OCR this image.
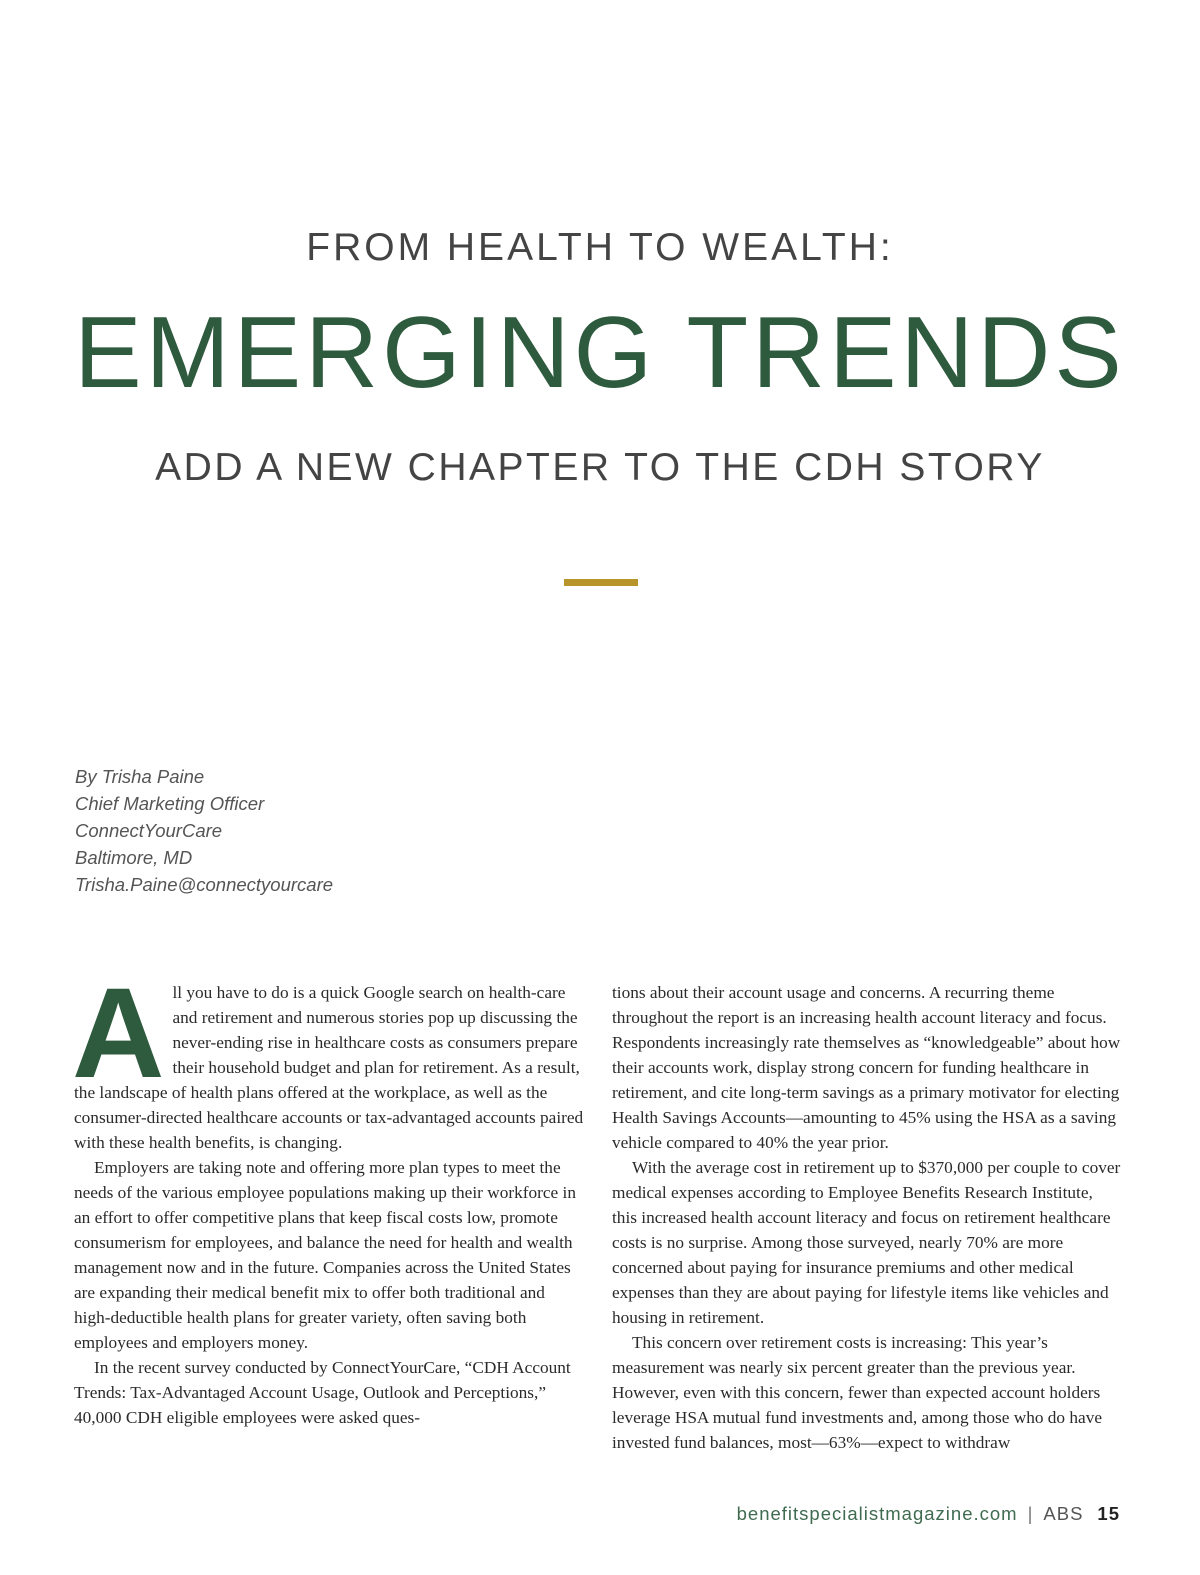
FROM HEALTH TO WEALTH:
EMERGING TRENDS
ADD A NEW CHAPTER TO THE CDH STORY
By Trisha Paine
Chief Marketing Officer
ConnectYourCare
Baltimore, MD
Trisha.Paine@connectyourcare

All you have to do is a quick Google search on health-care and retirement and numerous stories pop up discussing the never-ending rise in healthcare costs as consumers prepare their household budget and plan for retirement. As a result, the landscape of health plans offered at the workplace, as well as the consumer-directed healthcare accounts or tax-advantaged accounts paired with these health benefits, is changing.

Employers are taking note and offering more plan types to meet the needs of the various employee populations making up their workforce in an effort to offer competitive plans that keep fiscal costs low, promote consumerism for employees, and balance the need for health and wealth management now and in the future. Companies across the United States are expanding their medical benefit mix to offer both traditional and high-deductible health plans for greater variety, often saving both employees and employers money.

In the recent survey conducted by ConnectYourCare, “CDH Account Trends: Tax-Advantaged Account Usage, Outlook and Perceptions,” 40,000 CDH eligible employees were asked ques-

tions about their account usage and concerns. A recurring theme throughout the report is an increasing health account literacy and focus. Respondents increasingly rate themselves as “knowledgeable” about how their accounts work, display strong concern for funding healthcare in retirement, and cite long-term savings as a primary motivator for electing Health Savings Accounts—amounting to 45% using the HSA as a saving vehicle compared to 40% the year prior.

With the average cost in retirement up to $370,000 per couple to cover medical expenses according to Employee Benefits Research Institute, this increased health account literacy and focus on retirement healthcare costs is no surprise. Among those surveyed, nearly 70% are more concerned about paying for insurance premiums and other medical expenses than they are about paying for lifestyle items like vehicles and housing in retirement.

This concern over retirement costs is increasing: This year’s measurement was nearly six percent greater than the previous year. However, even with this concern, fewer than expected account holders leverage HSA mutual fund investments and, among those who do have invested fund balances, most—63%—expect to withdraw

benefitspecialistmagazine.com | ABS 15
